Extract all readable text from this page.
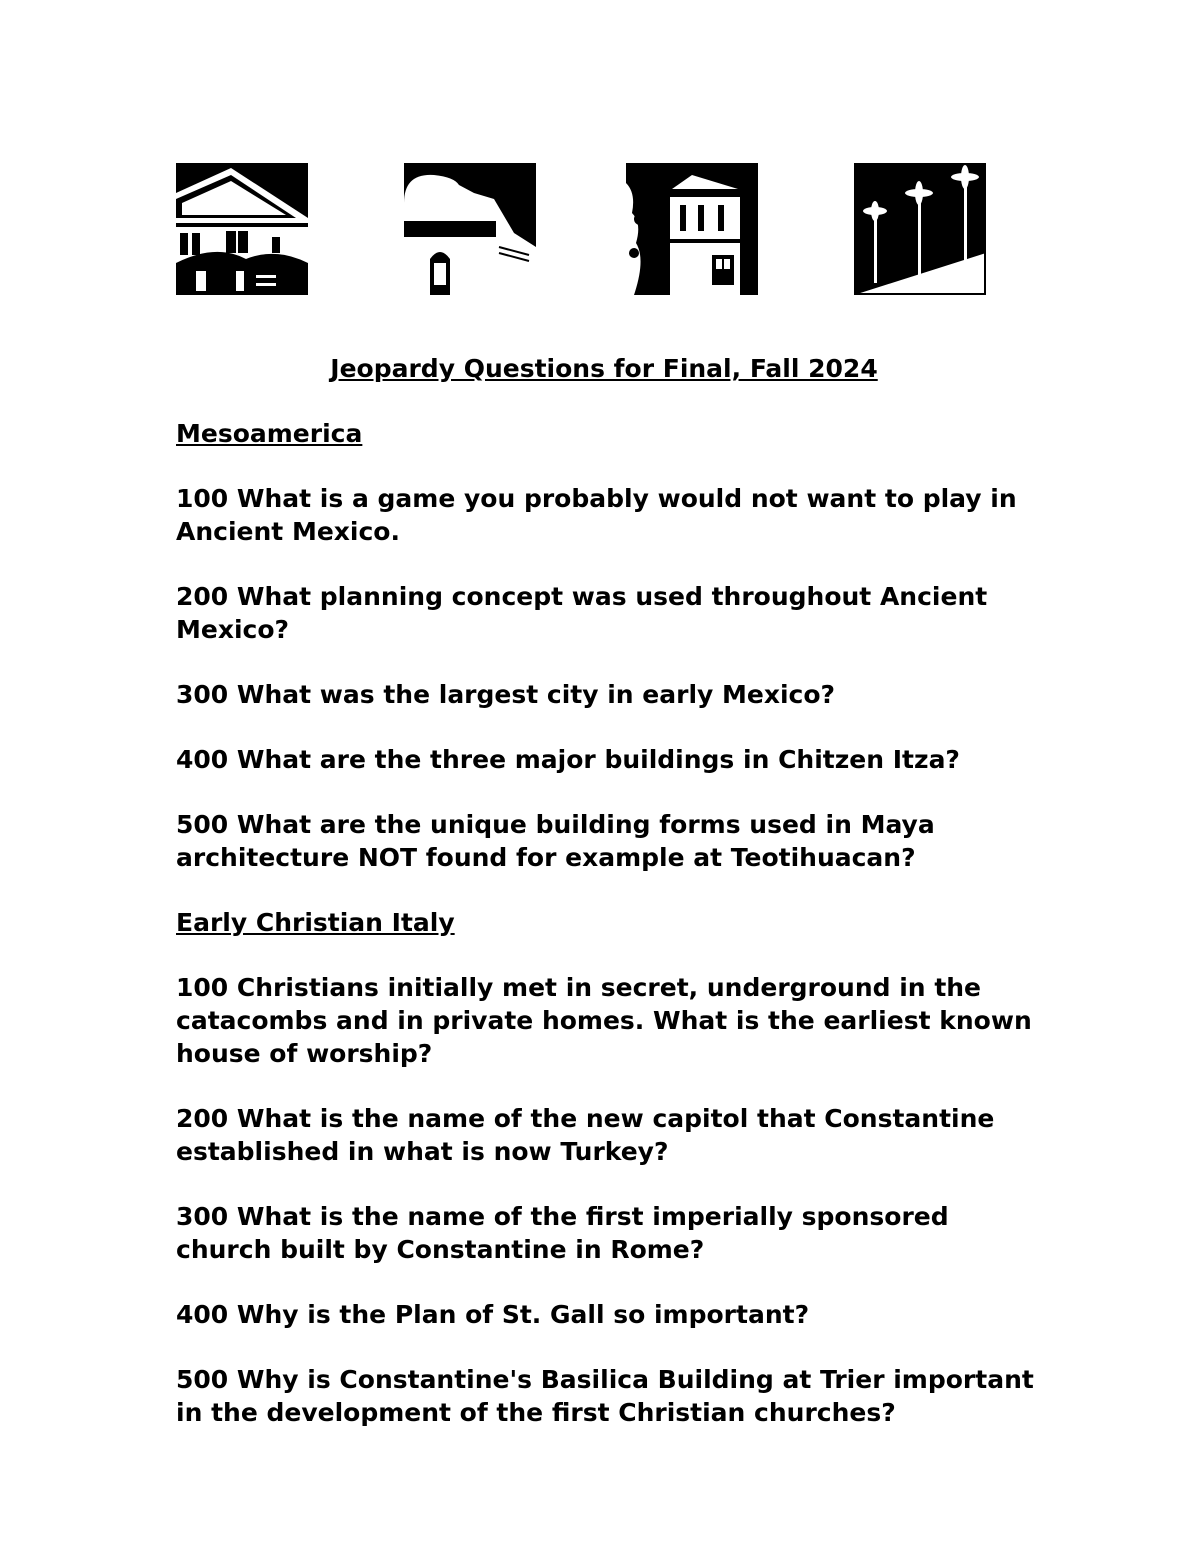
Jeopardy Questions for Final, Fall 2024
Mesoamerica
100 What is a game you probably would not want to play in Ancient Mexico.
200 What planning concept was used throughout Ancient Mexico?
300 What was the largest city in early Mexico?
400 What are the three major buildings in Chitzen Itza?
500 What are the unique building forms used in Maya architecture NOT found for example at Teotihuacan?
Early Christian Italy
100 Christians initially met in secret, underground in the catacombs and in private homes. What is the earliest known house of worship?
200 What is the name of the new capitol that Constantine established in what is now Turkey?
300 What is the name of the first imperially sponsored church built by Constantine in Rome?
400 Why is the Plan of St. Gall so important?
500 Why is Constantine's Basilica Building at Trier important in the development of the first Christian churches?
